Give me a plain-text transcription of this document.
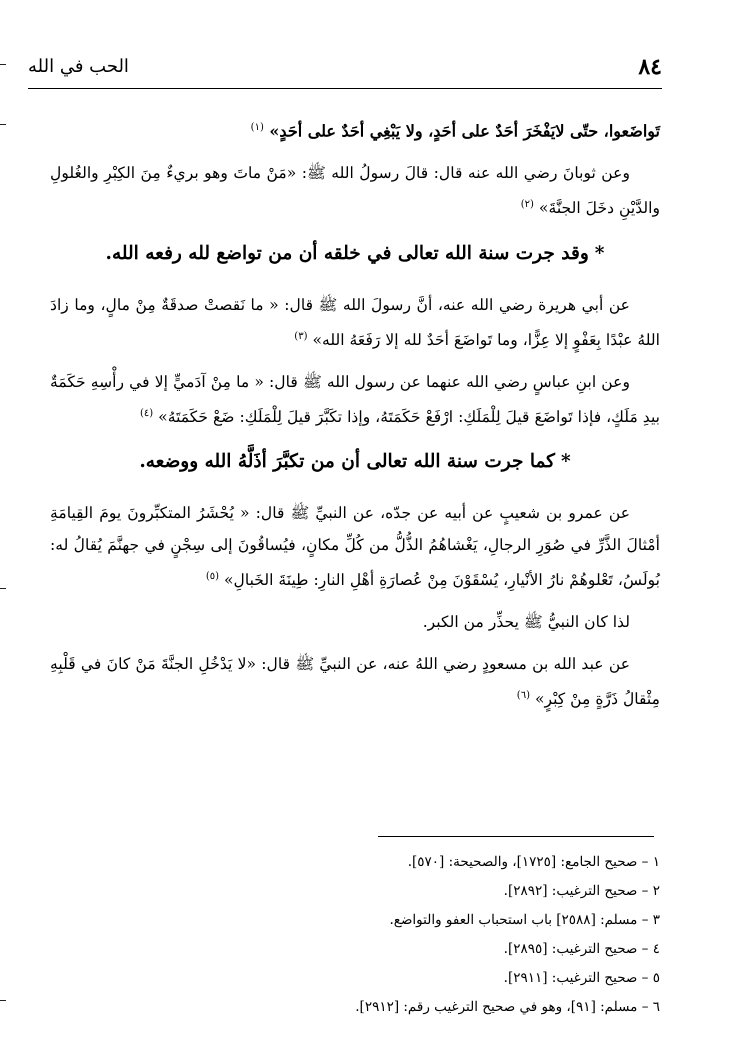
٨٤
الحب في الله

تَواضَعوا، حتّى لايَفْخَرَ أحَدٌ على أحَدٍ، ولا يَبْغِي أحَدٌ على أحَدٍ» $^{(١)}$

وعن ثوبانَ رضي الله عنه قال: قالَ رسولُ الله ﷺ: «مَنْ ماتَ وهو بريءٌ مِنَ الكِبْرِ والغُلولِ والدَّيْنِ دخَلَ الجنَّةَ» $^{(٢)}$

*وقد جرت سنة الله تعالى في خلقه أن من تواضع لله رفعه الله.

عن أبي هريرة رضي الله عنه، أنَّ رسولَ الله ﷺ قال: « ما نَقصتْ صدقَةٌ مِنْ مالٍ، وما زادَ اللهُ عبْدًا بِعَفْوٍ إلا عِزًّا، وما تَواضَعَ أحَدٌ لله إلا رَفَعَهُ الله» $^{(٣)}$

وعن ابنِ عباسٍ رضي الله عنهما عن رسول الله ﷺ قال: « ما مِنْ آدَميٍّ إلا في رأْسِهِ حَكَمَةٌ بيدِ مَلَكٍ، فإذا تَواضَعَ قيلَ لِلْمَلَكِ: ارْفَعْ حَكَمَتَهُ، وإذا تكَبَّرَ قيلَ لِلْمَلَكِ: ضَعْ حَكَمَتَهُ» $^{(٤)}$

*كما جرت سنة الله تعالى أن من تكبَّرَ أذَلَّهُ الله ووضعه.

عن عمرو بن شعيبٍ عن أبيه عن جدّه، عن النبيِّ ﷺ قال: « يُحْشَرُ المتكبِّرونَ يومَ القِيامَةِ أمْثالَ الذَّرِّ في صُوَرِ الرجالِ، يَغْشاهُمُ الذُّلُّ من كُلِّ مكانٍ، فيُساقُونَ إلى سِجْنٍ في جهنَّمَ يُقالُ له: بُولَسُ، تَعْلوهُمْ نارُ الأنْيارِ، يُسْقَوْنَ مِنْ عُصارَةِ أهْلِ النارِ: طِينَةَ الخَبالِ» $^{(٥)}$

لذا كان النبيُّ ﷺ يحذِّر من الكبر.

عن عبد الله بن مسعودٍ رضي اللهُ عنه، عن النبيِّ ﷺ قال: «لا يَدْخُلِ الجنَّةَ مَنْ كانَ في قَلْبِهِ مِثْقالُ ذَرَّةٍ مِنْ كِبْرٍ» $^{(٦)}$

١ – صحيح الجامع: [١٧٢٥]، والصحيحة: [٥٧٠].

٢ – صحيح الترغيب: [٢٨٩٢].

٣ – مسلم: [٢٥٨٨] باب استحباب العفو والتواضع.

٤ – صحيح الترغيب: [٢٨٩٥].

٥ – صحيح الترغيب: [٢٩١١].

٦ – مسلم: [٩١]، وهو في صحيح الترغيب رقم: [٢٩١٢].
